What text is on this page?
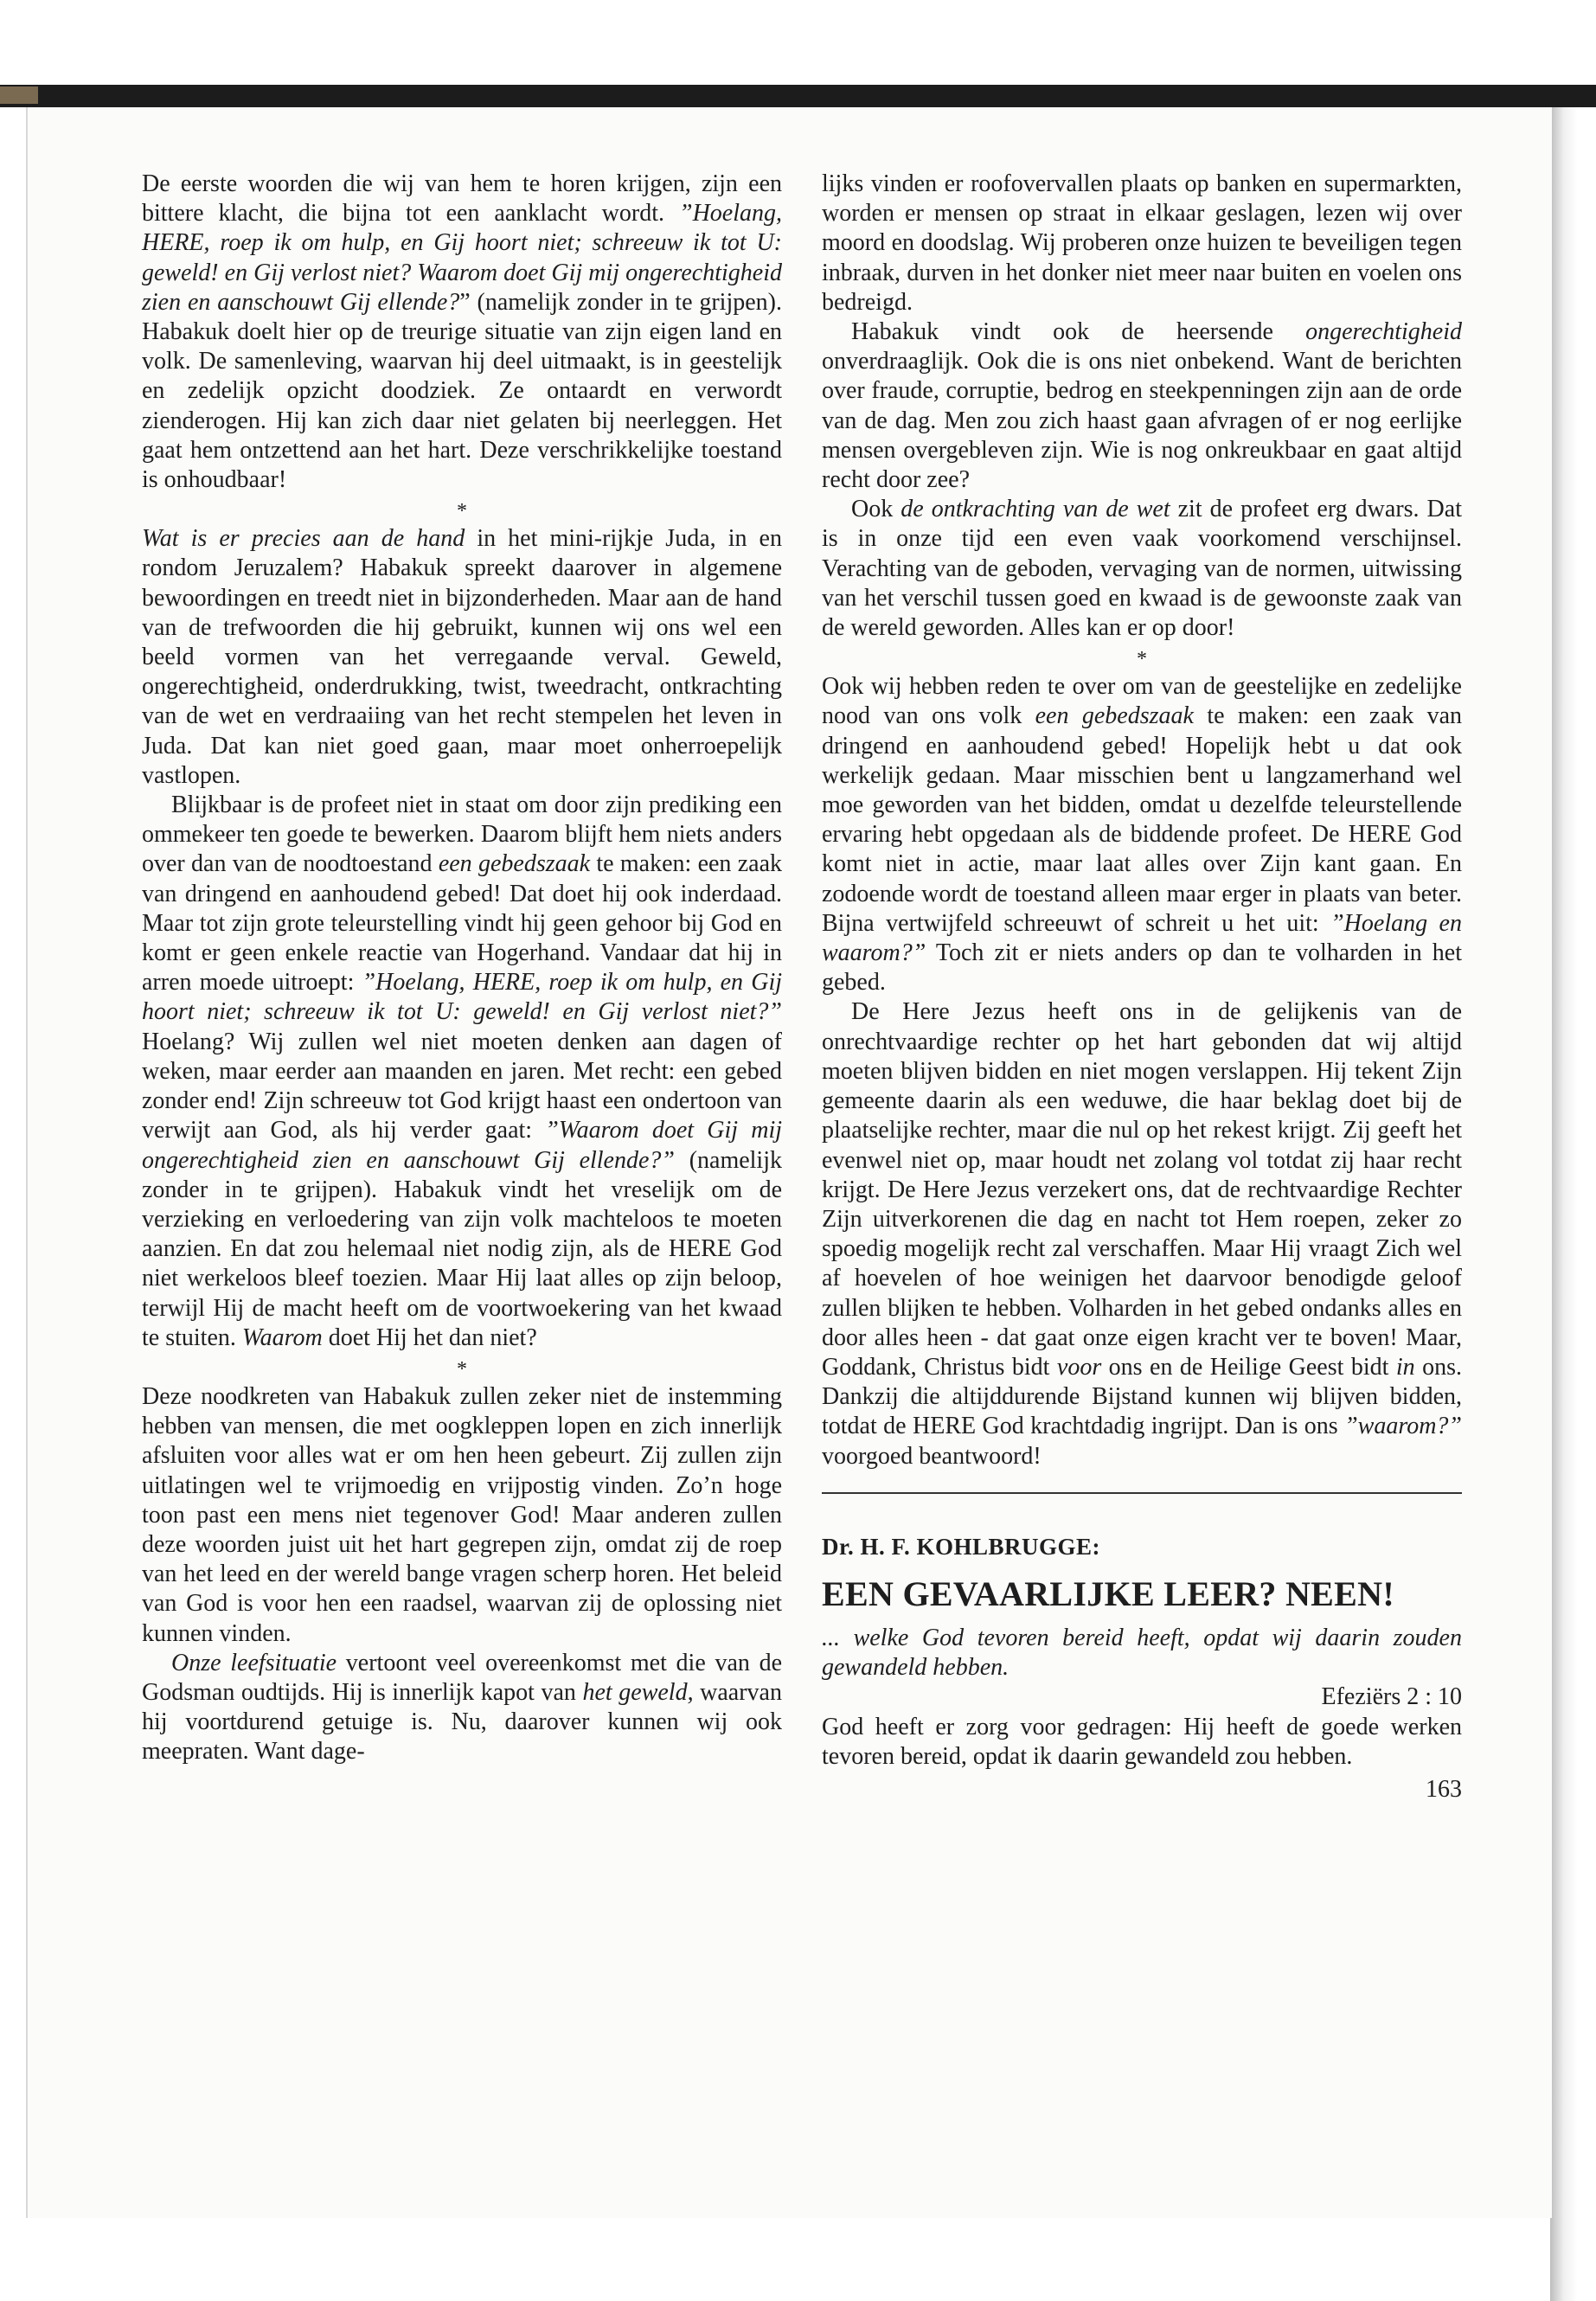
De eerste woorden die wij van hem te horen krijgen, zijn een bittere klacht, die bijna tot een aanklacht wordt. ”Hoelang, HERE, roep ik om hulp, en Gij hoort niet; schreeuw ik tot U: geweld! en Gij verlost niet? Waarom doet Gij mij ongerechtigheid zien en aanschouwt Gij ellende?” (namelijk zonder in te grijpen). Habakuk doelt hier op de treurige situatie van zijn eigen land en volk. De samenleving, waarvan hij deel uitmaakt, is in geestelijk en zedelijk opzicht doodziek. Ze ontaardt en verwordt zienderogen. Hij kan zich daar niet gelaten bij neerleggen. Het gaat hem ontzettend aan het hart. Deze verschrikkelijke toestand is onhoudbaar!

*

Wat is er precies aan de hand in het mini-rijkje Juda, in en rondom Jeruzalem? Habakuk spreekt daarover in algemene bewoordingen en treedt niet in bijzonderheden. Maar aan de hand van de trefwoorden die hij gebruikt, kunnen wij ons wel een beeld vormen van het verregaande verval. Geweld, ongerechtigheid, onderdrukking, twist, tweedracht, ontkrachting van de wet en verdraaiing van het recht stempelen het leven in Juda. Dat kan niet goed gaan, maar moet onherroepelijk vastlopen.

Blijkbaar is de profeet niet in staat om door zijn prediking een ommekeer ten goede te bewerken. Daarom blijft hem niets anders over dan van de noodtoestand een gebedszaak te maken: een zaak van dringend en aanhoudend gebed! Dat doet hij ook inderdaad. Maar tot zijn grote teleurstelling vindt hij geen gehoor bij God en komt er geen enkele reactie van Hogerhand. Vandaar dat hij in arren moede uitroept: ”Hoelang, HERE, roep ik om hulp, en Gij hoort niet; schreeuw ik tot U: geweld! en Gij verlost niet?” Hoelang? Wij zullen wel niet moeten denken aan dagen of weken, maar eerder aan maanden en jaren. Met recht: een gebed zonder end! Zijn schreeuw tot God krijgt haast een ondertoon van verwijt aan God, als hij verder gaat: ”Waarom doet Gij mij ongerechtigheid zien en aanschouwt Gij ellende?” (namelijk zonder in te grijpen). Habakuk vindt het vreselijk om de verzieking en verloedering van zijn volk machteloos te moeten aanzien. En dat zou helemaal niet nodig zijn, als de HERE God niet werkeloos bleef toezien. Maar Hij laat alles op zijn beloop, terwijl Hij de macht heeft om de voortwoekering van het kwaad te stuiten. Waarom doet Hij het dan niet?

*

Deze noodkreten van Habakuk zullen zeker niet de instemming hebben van mensen, die met oogkleppen lopen en zich innerlijk afsluiten voor alles wat er om hen heen gebeurt. Zij zullen zijn uitlatingen wel te vrijmoedig en vrijpostig vinden. Zo’n hoge toon past een mens niet tegenover God! Maar anderen zullen deze woorden juist uit het hart gegrepen zijn, omdat zij de roep van het leed en der wereld bange vragen scherp horen. Het beleid van God is voor hen een raadsel, waarvan zij de oplossing niet kunnen vinden.

Onze leefsituatie vertoont veel overeenkomst met die van de Godsman oudtijds. Hij is innerlijk kapot van het geweld, waarvan hij voortdurend getuige is. Nu, daarover kunnen wij ook meepraten. Want dage-

lijks vinden er roofovervallen plaats op banken en supermarkten, worden er mensen op straat in elkaar geslagen, lezen wij over moord en doodslag. Wij proberen onze huizen te beveiligen tegen inbraak, durven in het donker niet meer naar buiten en voelen ons bedreigd.

Habakuk vindt ook de heersende ongerechtigheid onverdraaglijk. Ook die is ons niet onbekend. Want de berichten over fraude, corruptie, bedrog en steekpenningen zijn aan de orde van de dag. Men zou zich haast gaan afvragen of er nog eerlijke mensen overgebleven zijn. Wie is nog onkreukbaar en gaat altijd recht door zee?

Ook de ontkrachting van de wet zit de profeet erg dwars. Dat is in onze tijd een even vaak voorkomend verschijnsel. Verachting van de geboden, vervaging van de normen, uitwissing van het verschil tussen goed en kwaad is de gewoonste zaak van de wereld geworden. Alles kan er op door!

*

Ook wij hebben reden te over om van de geestelijke en zedelijke nood van ons volk een gebedszaak te maken: een zaak van dringend en aanhoudend gebed! Hopelijk hebt u dat ook werkelijk gedaan. Maar misschien bent u langzamerhand wel moe geworden van het bidden, omdat u dezelfde teleurstellende ervaring hebt opgedaan als de biddende profeet. De HERE God komt niet in actie, maar laat alles over Zijn kant gaan. En zodoende wordt de toestand alleen maar erger in plaats van beter. Bijna vertwijfeld schreeuwt of schreit u het uit: ”Hoelang en waarom?” Toch zit er niets anders op dan te volharden in het gebed.

De Here Jezus heeft ons in de gelijkenis van de onrechtvaardige rechter op het hart gebonden dat wij altijd moeten blijven bidden en niet mogen verslappen. Hij tekent Zijn gemeente daarin als een weduwe, die haar beklag doet bij de plaatselijke rechter, maar die nul op het rekest krijgt. Zij geeft het evenwel niet op, maar houdt net zolang vol totdat zij haar recht krijgt. De Here Jezus verzekert ons, dat de rechtvaardige Rechter Zijn uitverkorenen die dag en nacht tot Hem roepen, zeker zo spoedig mogelijk recht zal verschaffen. Maar Hij vraagt Zich wel af hoevelen of hoe weinigen het daarvoor benodigde geloof zullen blijken te hebben. Volharden in het gebed ondanks alles en door alles heen - dat gaat onze eigen kracht ver te boven! Maar, Goddank, Christus bidt voor ons en de Heilige Geest bidt in ons. Dankzij die altijddurende Bijstand kunnen wij blijven bidden, totdat de HERE God krachtdadig ingrijpt. Dan is ons ”waarom?” voorgoed beantwoord!

Dr. H. F. KOHLBRUGGE:
EEN GEVAARLIJKE LEER? NEEN!

... welke God tevoren bereid heeft, opdat wij daarin zouden gewandeld hebben.

Efeziërs 2 : 10

God heeft er zorg voor gedragen: Hij heeft de goede werken tevoren bereid, opdat ik daarin gewandeld zou hebben.

163
